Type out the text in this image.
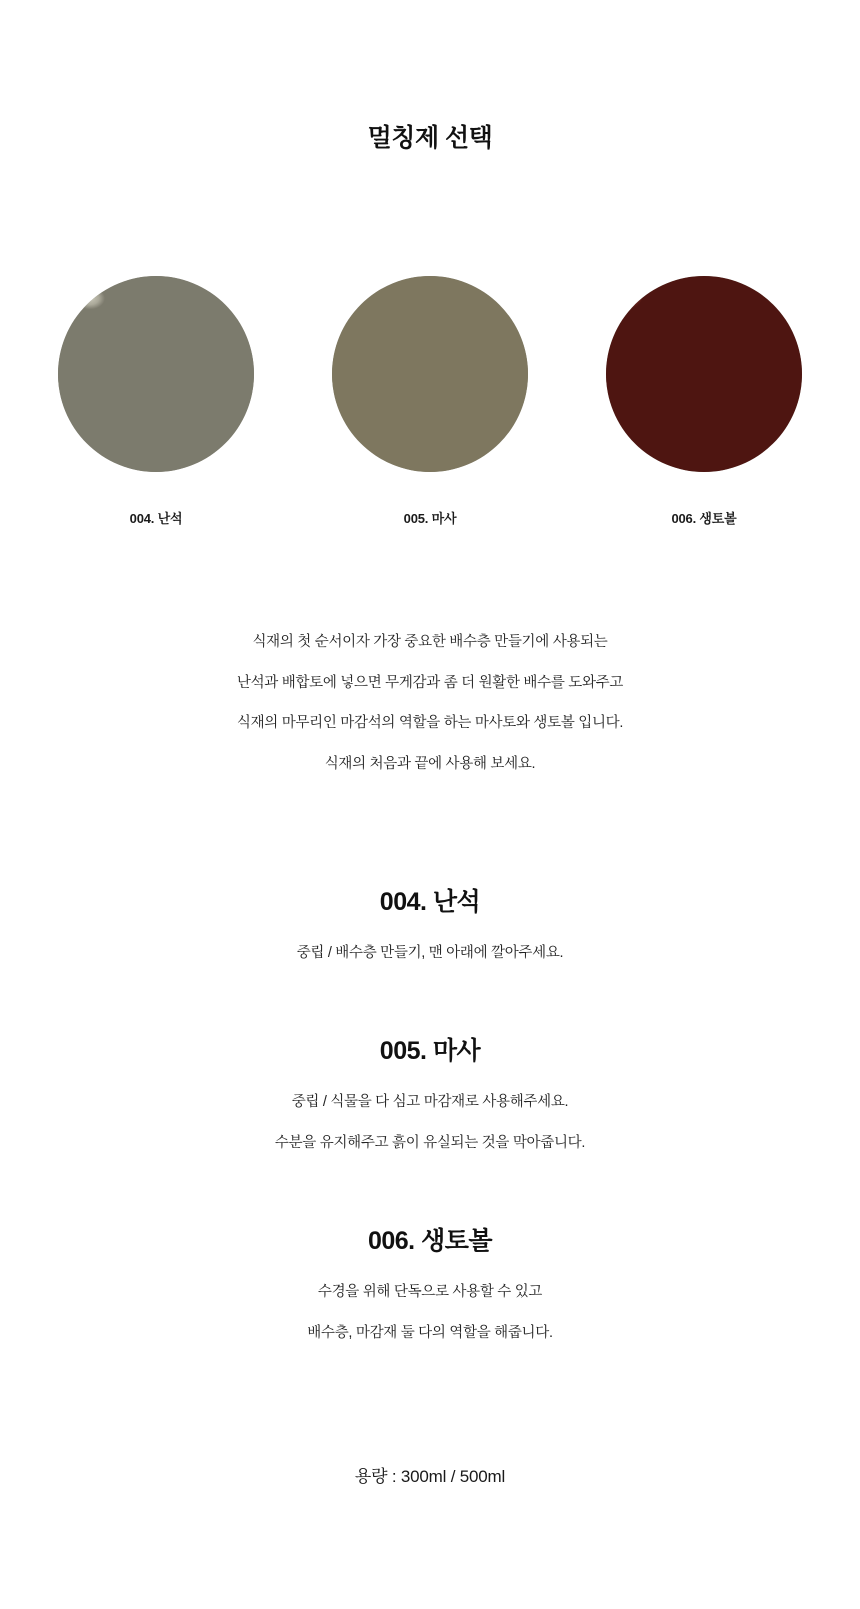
멀칭제 선택
004. 난석	005. 마사	006. 생토볼

식재의 첫 순서이자 가장 중요한 배수층 만들기에 사용되는

난석과 배합토에 넣으면 무게감과 좀 더 원활한 배수를 도와주고

식재의 마무리인 마감석의 역할을 하는 마사토와 생토볼 입니다.

식재의 처음과 끝에 사용해 보세요.

004. 난석

중립 / 배수층 만들기, 맨 아래에 깔아주세요.

005. 마사

중립 / 식물을 다 심고 마감재로 사용해주세요.

수분을 유지해주고 흙이 유실되는 것을 막아줍니다.

006. 생토볼

수경을 위해 단독으로 사용할 수 있고

배수층, 마감재 둘 다의 역할을 해줍니다.

용량 : 300ml / 500ml
